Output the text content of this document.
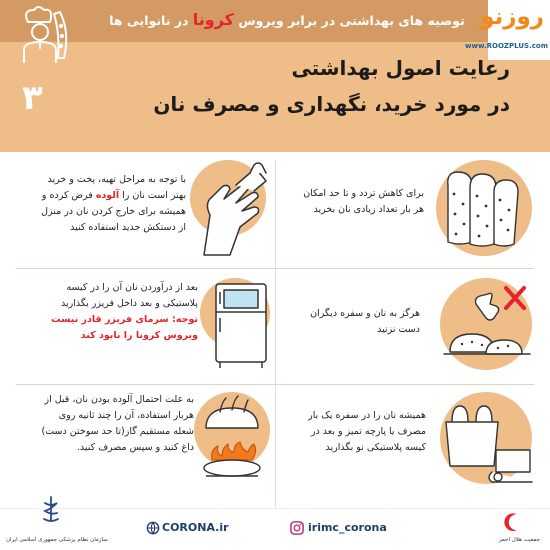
توصیه های بهداشتی در برابر ویروس کرونا در نانوایی ها
۳
روزنو
www.ROOZPLUS.com
رعایت اصول بهداشتی
در مورد خرید، نگهداری و مصرف نان
برای کاهش تردد و تا حد امکان
هر بار تعداد زیادی نان بخرید
با توجه به مراحل تهیه، پخت و خرید
بهتر است نان را آلوده فرض کرده و
همیشه برای خارج کردن نان در منزل
از دستکش جدید استفاده کنید
هرگز به نان و سفره دیگران
دست نزنید
بعد از درآوردن نان آن را در کیسه
پلاستیکی و بعد داخل فریزر بگذارید
توجه: سرمای فریزر قادر نیست
ویروس کرونا را نابود کند
همیشه نان را در سفره یک بار
مصرف یا پارچه تمیز و بعد در
کیسه پلاستیکی نو بگذارید
به علت احتمال آلوده بودن نان، قبل از
هربار استفاده، آن را چند ثانیه روی
شعله مستقیم گاز(تا حد سوختن دست)
داغ کنید و سپس مصرف کنید.
جمعیت هلال احمر
irimc_corona
CORONA.ir
سازمان نظام پزشکی جمهوری اسلامی ایران
